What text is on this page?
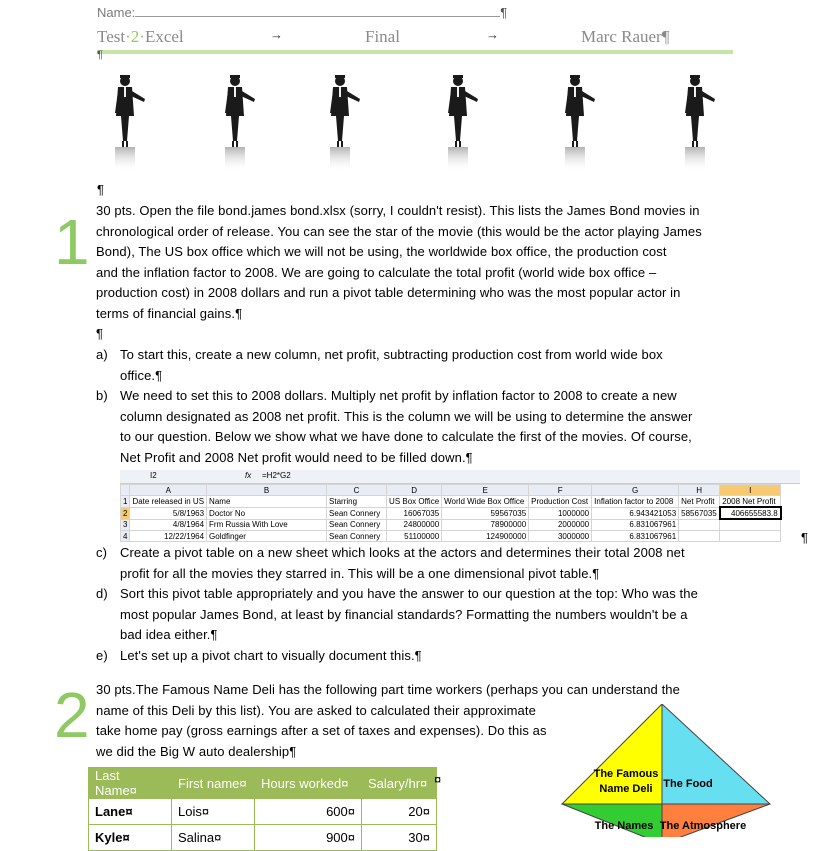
Name:	¶
Test·2·Excel	→	Final	→	Marc Rauer¶
¶
¶
1 30 pts. Open the file bond.james bond.xlsx (sorry, I couldn't resist). This lists the James Bond movies in
chronological order of release. You can see the star of the movie (this would be the actor playing James
Bond), The US box office which we will not be using, the worldwide box office, the production cost
and the inflation factor to 2008. We are going to calculate the total profit (world wide box office –
production cost) in 2008 dollars and run a pivot table determining who was the most popular actor in
terms of financial gains.¶
¶
a) To start this, create a new column, net profit, subtracting production cost from world wide box
office.¶
b) We need to set this to 2008 dollars. Multiply net profit by inflation factor to 2008 to create a new
column designated as 2008 net profit. This is the column we will be using to determine the answer
to our question. Below we show what we have done to calculate the first of the movies. Of course,
Net Profit and 2008 Net profit would need to be filled down.¶
I2	fx =H2*G2
	A	B	C	D	E	F	G	H	I
1	Date released in US	Name	Starring	US Box Office	World Wide Box Office	Production Cost	Inflation factor to 2008	Net Profit	2008 Net Profit
2	5/8/1963	Doctor No	Sean Connery	16067035	59567035	1000000	6.943421053	58567035	406655583.8
3	4/8/1964	Frm Russia With Love	Sean Connery	24800000	78900000	2000000	6.831067961		
4	12/22/1964	Goldfinger	Sean Connery	51100000	124900000	3000000	6.831067961			¶
c) Create a pivot table on a new sheet which looks at the actors and determines their total 2008 net
profit for all the movies they starred in. This will be a one dimensional pivot table.¶
d) Sort this pivot table appropriately and you have the answer to our question at the top: Who was the
most popular James Bond, at least by financial standards? Formatting the numbers wouldn't be a
bad idea either.¶
e) Let's set up a pivot chart to visually document this.¶
2 30 pts.The Famous Name Deli has the following part time workers (perhaps you can understand the
name of this Deli by this list). You are asked to calculated their approximate
take home pay (gross earnings after a set of taxes and expenses). Do this as
we did the Big W auto dealership¶
Last Name¤	First name¤	Hours worked¤	Salary/hr¤
Lane¤	Lois¤	600¤	20¤
Kyle¤	Salina¤	900¤	30¤
¤	The Famous
Name Deli The Food
The Names The Atmosphere
